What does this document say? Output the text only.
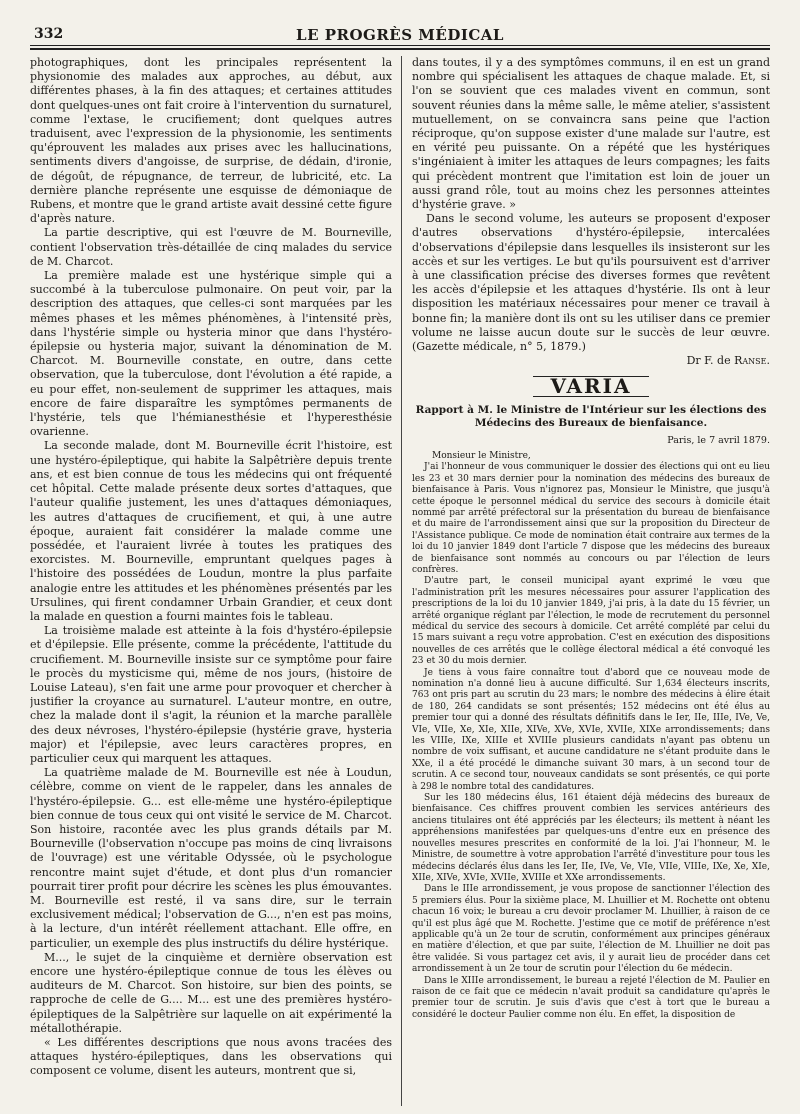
332	LE PROGRÈS MÉDICAL

photographiques, dont les principales représentent la physionomie des malades aux approches, au début, aux différentes phases, à la fin des attaques; et certaines attitudes dont quelques-unes ont fait croire à l'intervention du surnaturel, comme l'extase, le crucifiement; dont quelques autres traduisent, avec l'expression de la physionomie, les sentiments qu'éprouvent les malades aux prises avec les hallucinations, sentiments divers d'angoisse, de surprise, de dédain, d'ironie, de dégoût, de répugnance, de terreur, de lubricité, etc. La dernière planche représente une esquisse de démoniaque de Rubens, et montre que le grand artiste avait dessiné cette figure d'après nature.

La partie descriptive, qui est l'œuvre de M. Bourneville, contient l'observation très-détaillée de cinq malades du service de M. Charcot.

La première malade est une hystérique simple qui a succombé à la tuberculose pulmonaire. On peut voir, par la description des attaques, que celles-ci sont marquées par les mêmes phases et les mêmes phénomènes, à l'intensité près, dans l'hystérie simple ou hysteria minor que dans l'hystéro-épilepsie ou hysteria major, suivant la dénomination de M. Charcot. M. Bourneville constate, en outre, dans cette observation, que la tuberculose, dont l'évolution a été rapide, a eu pour effet, non-seulement de supprimer les attaques, mais encore de faire disparaître les symptômes permanents de l'hystérie, tels que l'hémianesthésie et l'hyperesthésie ovarienne.

La seconde malade, dont M. Bourneville écrit l'histoire, est une hystéro-épileptique, qui habite la Salpêtrière depuis trente ans, et est bien connue de tous les médecins qui ont fréquenté cet hôpital. Cette malade présente deux sortes d'attaques, que l'auteur qualifie justement, les unes d'attaques démoniaques, les autres d'attaques de crucifiement, et qui, à une autre époque, auraient fait considérer la malade comme une possédée, et l'auraient livrée à toutes les pratiques des exorcistes. M. Bourneville, empruntant quelques pages à l'histoire des possédées de Loudun, montre la plus parfaite analogie entre les attitudes et les phénomènes présentés par les Ursulines, qui firent condamner Urbain Grandier, et ceux dont la malade en question a fourni maintes fois le tableau.

La troisième malade est atteinte à la fois d'hystéro-épilepsie et d'épilepsie. Elle présente, comme la précédente, l'attitude du crucifiement. M. Bourneville insiste sur ce symptôme pour faire le procès du mysticisme qui, même de nos jours, (histoire de Louise Lateau), s'en fait une arme pour provoquer et chercher à justifier la croyance au surnaturel. L'auteur montre, en outre, chez la malade dont il s'agit, la réunion et la marche parallèle des deux névroses, l'hystéro-épilepsie (hystérie grave, hysteria major) et l'épilepsie, avec leurs caractères propres, en particulier ceux qui marquent les attaques.

La quatrième malade de M. Bourneville est née à Loudun, célèbre, comme on vient de le rappeler, dans les annales de l'hystéro-épilepsie. G... est elle-même une hystéro-épileptique bien connue de tous ceux qui ont visité le service de M. Charcot. Son histoire, racontée avec les plus grands détails par M. Bourneville (l'observation n'occupe pas moins de cinq livraisons de l'ouvrage) est une véritable Odyssée, où le psychologue rencontre maint sujet d'étude, et dont plus d'un romancier pourrait tirer profit pour décrire les scènes les plus émouvantes. M. Bourneville est resté, il va sans dire, sur le terrain exclusivement médical; l'observation de G..., n'en est pas moins, à la lecture, d'un intérêt réellement attachant. Elle offre, en particulier, un exemple des plus instructifs du délire hystérique.

M..., le sujet de la cinquième et dernière observation est encore une hystéro-épileptique connue de tous les élèves ou auditeurs de M. Charcot. Son histoire, sur bien des points, se rapproche de celle de G.... M... est une des premières hystéro-épileptiques de la Salpêtrière sur laquelle on ait expérimenté la métallothérapie.

« Les différentes descriptions que nous avons tracées des attaques hystéro-épileptiques, dans les observations qui composent ce volume, disent les auteurs, montrent que si,

dans toutes, il y a des symptômes communs, il en est un grand nombre qui spécialisent les attaques de chaque malade. Et, si l'on se souvient que ces malades vivent en commun, sont souvent réunies dans la même salle, le même atelier, s'assistent mutuellement, on se convaincra sans peine que l'action réciproque, qu'on suppose exister d'une malade sur l'autre, est en vérité peu puissante. On a répété que les hystériques s'ingéniaient à imiter les attaques de leurs compagnes; les faits qui précèdent montrent que l'imitation est loin de jouer un aussi grand rôle, tout au moins chez les personnes atteintes d'hystérie grave. »

Dans le second volume, les auteurs se proposent d'exposer d'autres observations d'hystéro-épilepsie, intercalées d'observations d'épilepsie dans lesquelles ils insisteront sur les accès et sur les vertiges. Le but qu'ils poursuivent est d'arriver à une classification précise des diverses formes que revêtent les accès d'épilepsie et les attaques d'hystérie. Ils ont à leur disposition les matériaux nécessaires pour mener ce travail à bonne fin; la manière dont ils ont su les utiliser dans ce premier volume ne laisse aucun doute sur le succès de leur œuvre. (Gazette médicale, n° 5, 1879.)

Dr F. de Ranse.
VARIA
Rapport à M. le Ministre de l'Intérieur sur les élections des Médecins des Bureaux de bienfaisance.
Paris, le 7 avril 1879.

Monsieur le Ministre,

J'ai l'honneur de vous communiquer le dossier des élections qui ont eu lieu les 23 et 30 mars dernier pour la nomination des médecins des bureaux de bienfaisance à Paris. Vous n'ignorez pas, Monsieur le Ministre, que jusqu'à cette époque le personnel médical du service des secours à domicile était nommé par arrêté préfectoral sur la présentation du bureau de bienfaisance et du maire de l'arrondissement ainsi que sur la proposition du Directeur de l'Assistance publique. Ce mode de nomination était contraire aux termes de la loi du 10 janvier 1849 dont l'article 7 dispose que les médecins des bureaux de bienfaisance sont nommés au concours ou par l'élection de leurs confrères.

D'autre part, le conseil municipal ayant exprimé le vœu que l'administration prît les mesures nécessaires pour assurer l'application des prescriptions de la loi du 10 janvier 1849, j'ai pris, à la date du 15 février, un arrêté organique réglant par l'élection, le mode de recrutement du personnel médical du service des secours à domicile. Cet arrêté complété par celui du 15 mars suivant a reçu votre approbation. C'est en exécution des dispositions nouvelles de ces arrêtés que le collège électoral médical a été convoqué les 23 et 30 du mois dernier.

Je tiens à vous faire connaître tout d'abord que ce nouveau mode de nomination n'a donné lieu à aucune difficulté. Sur 1,634 électeurs inscrits, 763 ont pris part au scrutin du 23 mars; le nombre des médecins à élire était de 180, 264 candidats se sont présentés; 152 médecins ont été élus au premier tour qui a donné des résultats définitifs dans le Ier, IIe, IIIe, IVe, Ve, VIe, VIIe, Xe, XIe, XIIe, XIVe, XVe, XVIe, XVIIe, XIXe arrondissements; dans les VIIIe, IXe, XIIIe et XVIIIe plusieurs candidats n'ayant pas obtenu un nombre de voix suffisant, et aucune candidature ne s'étant produite dans le XXe, il a été procédé le dimanche suivant 30 mars, à un second tour de scrutin. A ce second tour, nouveaux candidats se sont présentés, ce qui porte à 298 le nombre total des candidatures.

Sur les 180 médecins élus, 161 étaient déjà médecins des bureaux de bienfaisance. Ces chiffres prouvent combien les services antérieurs des anciens titulaires ont été appréciés par les électeurs; ils mettent à néant les appréhensions manifestées par quelques-uns d'entre eux en présence des nouvelles mesures prescrites en conformité de la loi. J'ai l'honneur, M. le Ministre, de soumettre à votre approbation l'arrêté d'investiture pour tous les médecins déclarés élus dans les Ier, IIe, IVe, Ve, VIe, VIIe, VIIIe, IXe, Xe, XIe, XIIe, XIVe, XVIe, XVIIe, XVIIIe et XXe arrondissements.

Dans le IIIe arrondissement, je vous propose de sanctionner l'élection des 5 premiers élus. Pour la sixième place, M. Lhuillier et M. Rochette ont obtenu chacun 16 voix; le bureau a cru devoir proclamer M. Lhuillier, à raison de ce qu'il est plus âgé que M. Rochette. J'estime que ce motif de préférence n'est applicable qu'à un 2e tour de scrutin, conformément aux principes généraux en matière d'élection, et que par suite, l'élection de M. Lhuillier ne doit pas être validée. Si vous partagez cet avis, il y aurait lieu de procéder dans cet arrondissement à un 2e tour de scrutin pour l'élection du 6e médecin.

Dans le XIIIe arrondissement, le bureau a rejeté l'élection de M. Paulier en raison de ce fait que ce médecin n'avait produit sa candidature qu'après le premier tour de scrutin. Je suis d'avis que c'est à tort que le bureau a considéré le docteur Paulier comme non élu. En effet, la disposition de
